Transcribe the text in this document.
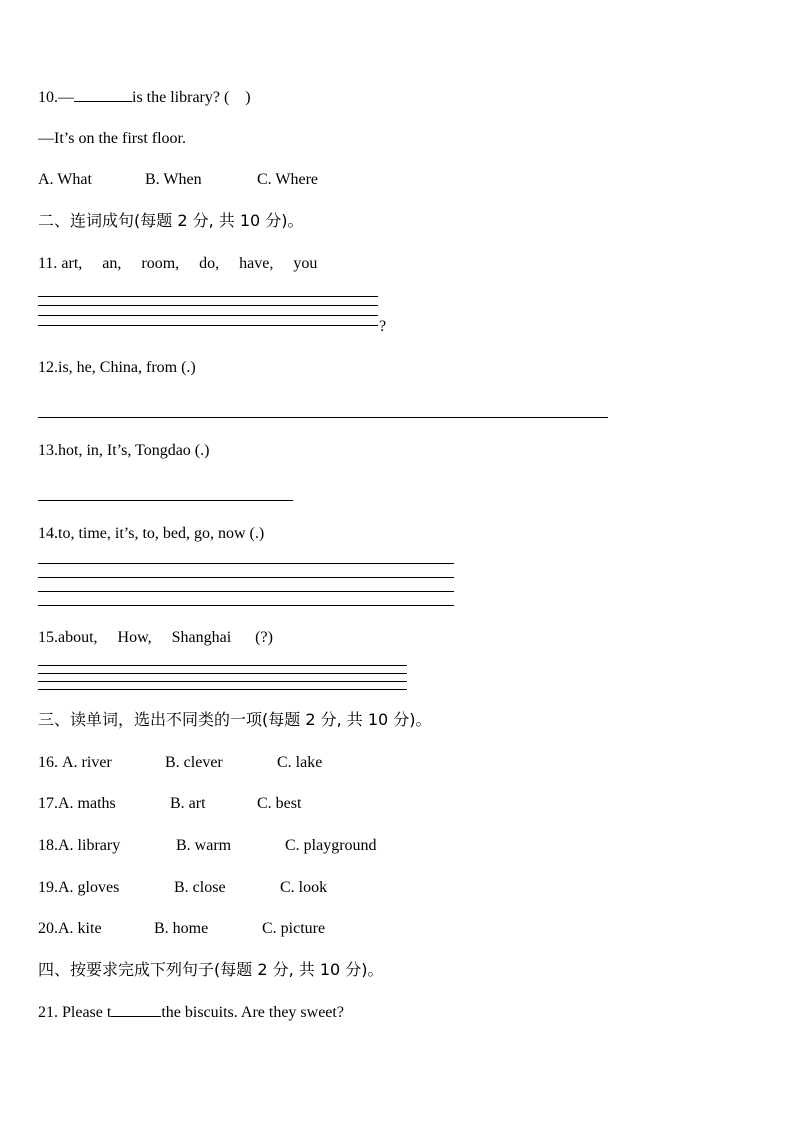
10.—	is the library? (    )
—It’s on the first floor.
A. What	B. When	C. Where
二、连词成句(每题 2 分, 共 10 分)。
11. art,     an,     room,     do,     have,     you
?
12.is, he, China, from (.)
13.hot, in, It’s, Tongdao (.)
14.to, time, it’s, to, bed, go, now (.)
15.about,     How,     Shanghai      (?)
三、读单词，选出不同类的一项(每题 2 分, 共 10 分)。
16. A. river	B. clever	C. lake
17.A. maths	B. art	C. best
18.A. library	B. warm	C. playground
19.A. gloves	B. close	C. look
20.A. kite	B. home	C. picture
四、按要求完成下列句子(每题 2 分, 共 10 分)。
21. Please t	the biscuits. Are they sweet?
